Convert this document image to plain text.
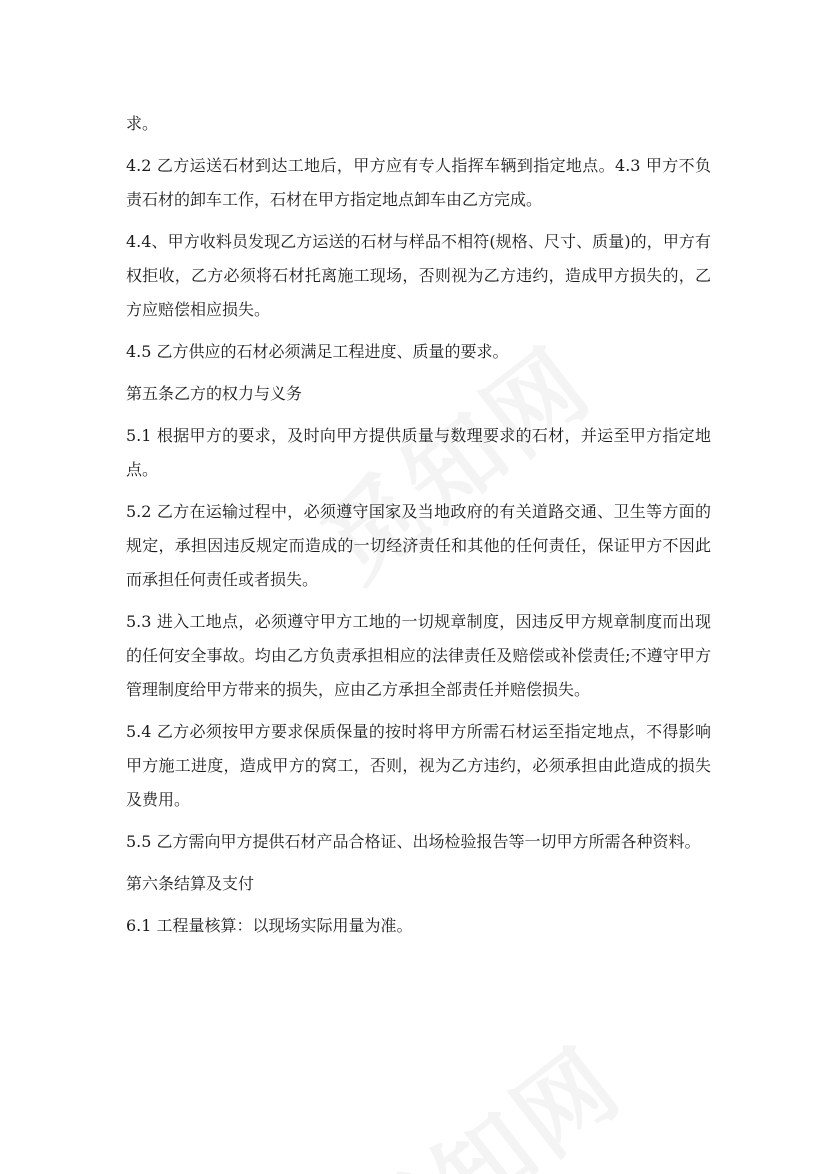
求。

4.2 乙方运送石材到达工地后，甲方应有专人指挥车辆到指定地点。4.3 甲方不负责石材的卸车工作，石材在甲方指定地点卸车由乙方完成。

4.4、甲方收料员发现乙方运送的石材与样品不相符(规格、尺寸、质量)的，甲方有权拒收，乙方必须将石材托离施工现场，否则视为乙方违约，造成甲方损失的，乙方应赔偿相应损失。

4.5 乙方供应的石材必须满足工程进度、质量的要求。

第五条乙方的权力与义务

5.1 根据甲方的要求，及时向甲方提供质量与数理要求的石材，并运至甲方指定地点。

5.2 乙方在运输过程中，必须遵守国家及当地政府的有关道路交通、卫生等方面的规定，承担因违反规定而造成的一切经济责任和其他的任何责任，保证甲方不因此而承担任何责任或者损失。

5.3 进入工地点，必须遵守甲方工地的一切规章制度，因违反甲方规章制度而出现的任何安全事故。均由乙方负责承担相应的法律责任及赔偿或补偿责任;不遵守甲方管理制度给甲方带来的损失，应由乙方承担全部责任并赔偿损失。

5.4 乙方必须按甲方要求保质保量的按时将甲方所需石材运至指定地点，不得影响甲方施工进度，造成甲方的窝工，否则，视为乙方违约，必须承担由此造成的损失及费用。

5.5 乙方需向甲方提供石材产品合格证、出场检验报告等一切甲方所需各种资料。

第六条结算及支付

6.1 工程量核算：以现场实际用量为准。
